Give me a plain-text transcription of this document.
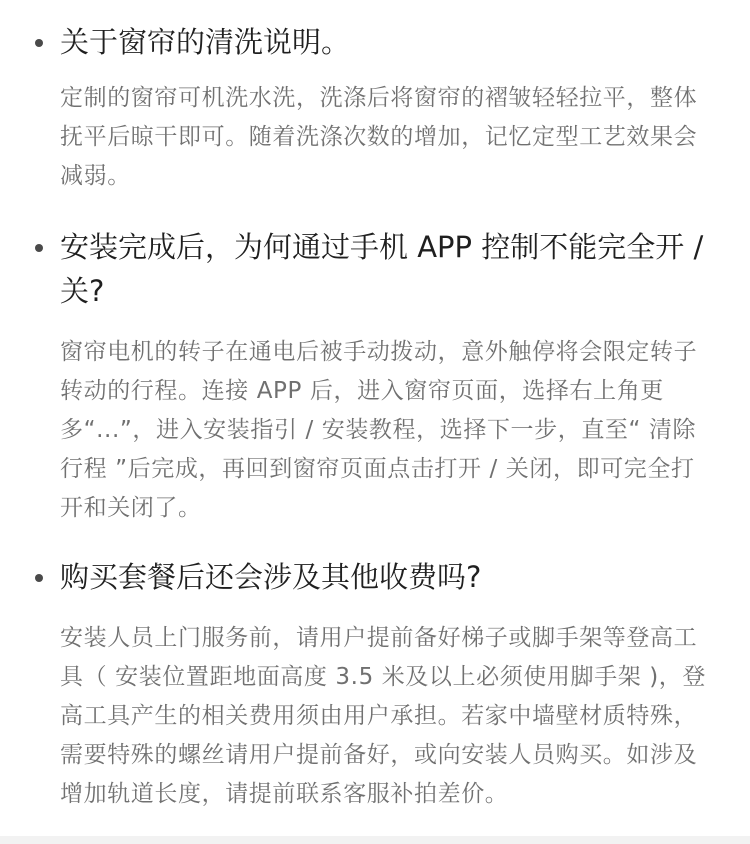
关于窗帘的清洗说明。

定制的窗帘可机洗水洗，洗涤后将窗帘的褶皱轻轻拉平，整体抚平后晾干即可。随着洗涤次数的增加，记忆定型工艺效果会减弱。

安装完成后，为何通过手机 APP 控制不能完全开 / 关?

窗帘电机的转子在通电后被手动拨动，意外触停将会限定转子转动的行程。连接 APP 后，进入窗帘页面，选择右上角更多“...”，进入安装指引 / 安装教程，选择下一步，直至“ 清除行程 ”后完成，再回到窗帘页面点击打开 / 关闭，即可完全打开和关闭了。

购买套餐后还会涉及其他收费吗?

安装人员上门服务前，请用户提前备好梯子或脚手架等登高工具（ 安装位置距地面高度 3.5 米及以上必须使用脚手架 )，登高工具产生的相关费用须由用户承担。若家中墙壁材质特殊，需要特殊的螺丝请用户提前备好，或向安装人员购买。如涉及增加轨道长度，请提前联系客服补拍差价。
